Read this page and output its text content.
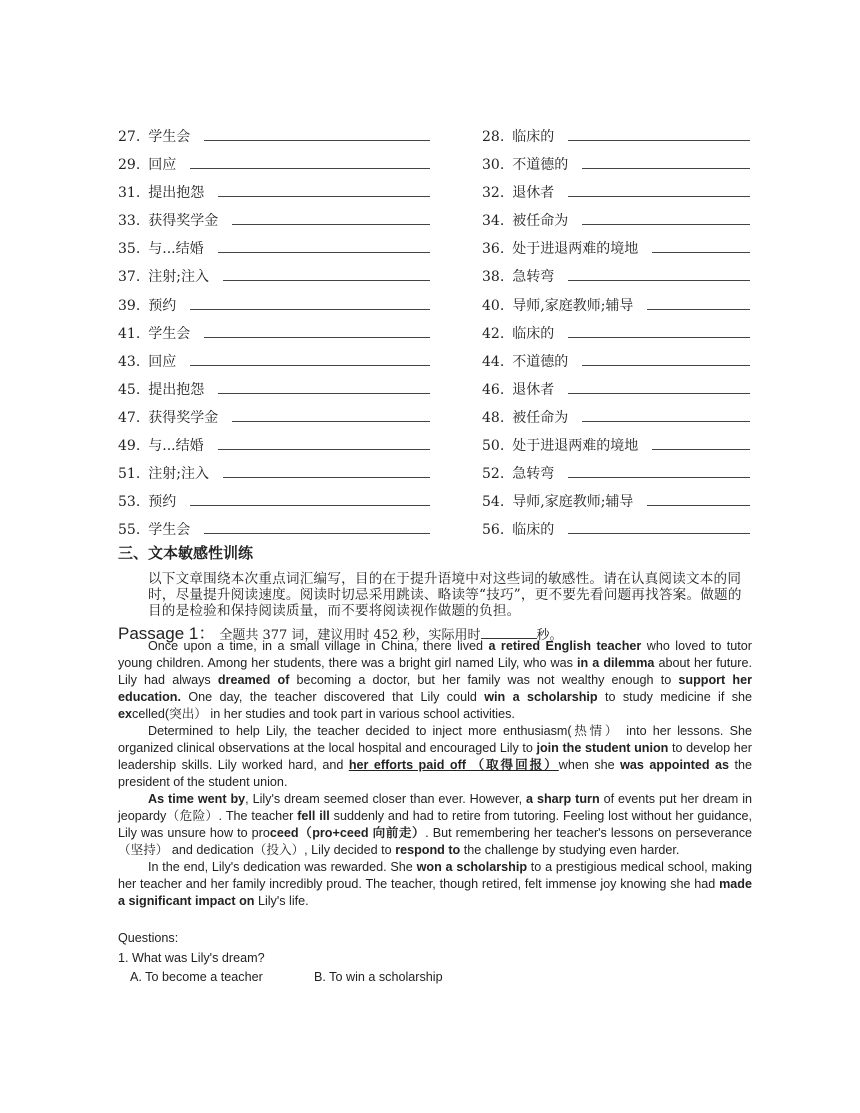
27. 学生会	28. 临床的
29. 回应	30. 不道德的
31. 提出抱怨	32. 退休者
33. 获得奖学金	34. 被任命为
35. 与...结婚	36. 处于进退两难的境地
37. 注射;注入	38. 急转弯
39. 预约	40. 导师,家庭教师;辅导
41. 学生会	42. 临床的
43. 回应	44. 不道德的
45. 提出抱怨	46. 退休者
47. 获得奖学金	48. 被任命为
49. 与...结婚	50. 处于进退两难的境地
51. 注射;注入	52. 急转弯
53. 预约	54. 导师,家庭教师;辅导
55. 学生会	56. 临床的
三、文本敏感性训练
以下文章围绕本次重点词汇编写，目的在于提升语境中对这些词的敏感性。请在认真阅读文本的同时，尽量提升阅读速度。阅读时切忌采用跳读、略读等“技巧”，更不要先看问题再找答案。做题的目的是检验和保持阅读质量，而不要将阅读视作做题的负担。
Passage 1： 全题共 377 词，建议用时 452 秒，实际用时	秒。

Once upon a time, in a small village in China, there lived a retired English teacher who loved to tutor young children. Among her students, there was a bright girl named Lily, who was in a dilemma about her future. Lily had always dreamed of becoming a doctor, but her family was not wealthy enough to support her education. One day, the teacher discovered that Lily could win a scholarship to study medicine if she excelled(突出） in her studies and took part in various school activities.

Determined to help Lily, the teacher decided to inject more enthusiasm(热情） into her lessons. She organized clinical observations at the local hospital and encouraged Lily to join the student union to develop her leadership skills. Lily worked hard, and her efforts paid off （取得回报）when she was appointed as the president of the student union.

As time went by, Lily's dream seemed closer than ever. However, a sharp turn of events put her dream in jeopardy（危险）. The teacher fell ill suddenly and had to retire from tutoring. Feeling lost without her guidance, Lily was unsure how to proceed（pro+ceed 向前走）. But remembering her teacher's lessons on perseverance（坚持） and dedication（投入）, Lily decided to respond to the challenge by studying even harder.

In the end, Lily's dedication was rewarded. She won a scholarship to a prestigious medical school, making her teacher and her family incredibly proud. The teacher, though retired, felt immense joy knowing she had made a significant impact on Lily's life.

Questions:
1. What was Lily's dream?
A. To become a teacher	B. To win a scholarship
